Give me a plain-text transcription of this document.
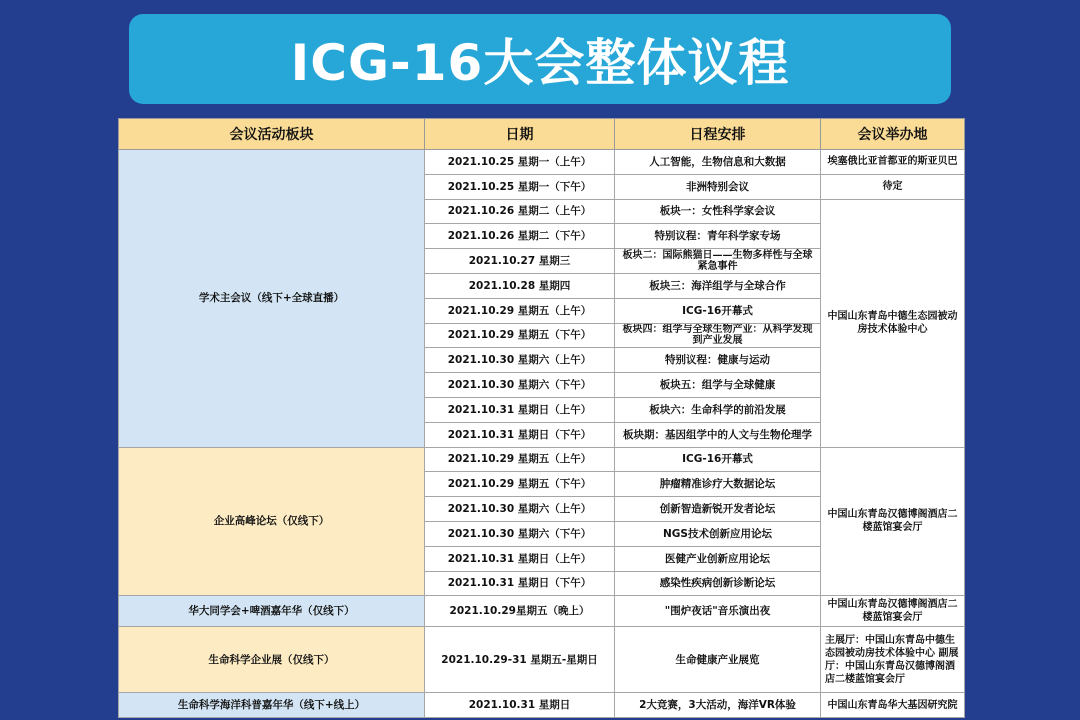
ICG-16大会整体议程
会议活动板块	日期	日程安排	会议举办地
学术主会议（线下+全球直播）	2021.10.25 星期一（上午）	人工智能，生物信息和大数据	埃塞俄比亚首都亚的斯亚贝巴
	2021.10.25 星期一（下午）	非洲特别会议	待定
	2021.10.26 星期二（上午）	板块一：女性科学家会议	中国山东青岛中德生态园被动房技术体验中心
	2021.10.26 星期二（下午）	特别议程：青年科学家专场	
	2021.10.27 星期三	板块二：国际熊猫日——生物多样性与全球紧急事件	
	2021.10.28 星期四	板块三：海洋组学与全球合作	
	2021.10.29 星期五（上午）	ICG-16开幕式	
	2021.10.29 星期五（下午）	板块四：组学与全球生物产业：从科学发现到产业发展	
	2021.10.30 星期六（上午）	特别议程：健康与运动	
	2021.10.30 星期六（下午）	板块五：组学与全球健康	
	2021.10.31 星期日（上午）	板块六：生命科学的前沿发展	
	2021.10.31 星期日（下午）	板块期：基因组学中的人文与生物伦理学	
企业高峰论坛（仅线下）	2021.10.29 星期五（上午）	ICG-16开幕式	中国山东青岛汉德博阁酒店二楼蓝馆宴会厅
	2021.10.29 星期五（下午）	肿瘤精准诊疗大数据论坛	
	2021.10.30 星期六（上午）	创新智造新锐开发者论坛	
	2021.10.30 星期六（下午）	NGS技术创新应用论坛	
	2021.10.31 星期日（上午）	医健产业创新应用论坛	
	2021.10.31 星期日（下午）	感染性疾病创新诊断论坛	
华大同学会+啤酒嘉年华（仅线下）	2021.10.29星期五（晚上）	"围炉夜话"音乐演出夜	中国山东青岛汉德博阁酒店二楼蓝馆宴会厅
生命科学企业展（仅线下）	2021.10.29-31 星期五-星期日	生命健康产业展览	主展厅：中国山东青岛中德生态园被动房技术体验中心 副展厅：中国山东青岛汉德博阁酒店二楼蓝馆宴会厅
生命科学海洋科普嘉年华（线下+线上）	2021.10.31 星期日	2大竞赛，3大活动，海洋VR体验	中国山东青岛华大基因研究院
